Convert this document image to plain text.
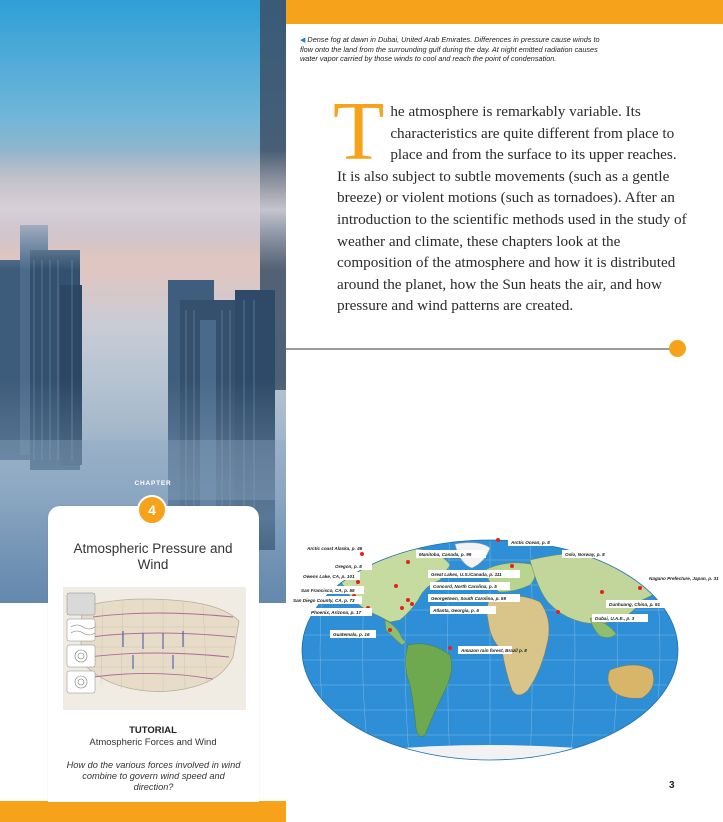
CHAPTER
4
Atmospheric Pressure and Wind
TUTORIAL
Atmospheric Forces and Wind
How do the various forces involved in wind combine to govern wind speed and direction?
◀ Dense fog at dawn in Dubai, United Arab Emirates. Differences in pressure cause winds to flow onto the land from the surrounding gulf during the day. At night emitted radiation causes water vapor carried by those winds to cool and reach the point of condensation.
The atmosphere is remarkably variable. Its characteristics are quite different from place to place and from the surface to its upper reaches. It is also subject to subtle movements (such as a gentle breeze) or violent motions (such as tornadoes). After an introduction to the scientific methods used in the study of weather and climate, these chapters look at the composition of the atmosphere and how it is distributed around the planet, how the Sun heats the air, and how pressure and wind patterns are created.
Arctic coast Alaska, p. 46
Manitoba, Canada, p. 99
Arctic Ocean, p. 8
Oslo, Norway, p. 8
Oregon, p. 8
Owens Lake, CA, p. 101	Great Lakes, U.S./Canada, p. 111
Nagano Prefecture, Japan, p. 31
San Francisco, CA, p. 55
Concord, North Carolina, p. 5
San Diego County, CA, p. 73	Georgetown, South Carolina, p. 59
Dunhuang, China, p. 91
Phoenix, Arizona, p. 17	Atlanta, Georgia, p. 6
Dubai, U.A.E., p. 3
Guatemala, p. 16
Amazon rain forest, Brazil p. 8
3
